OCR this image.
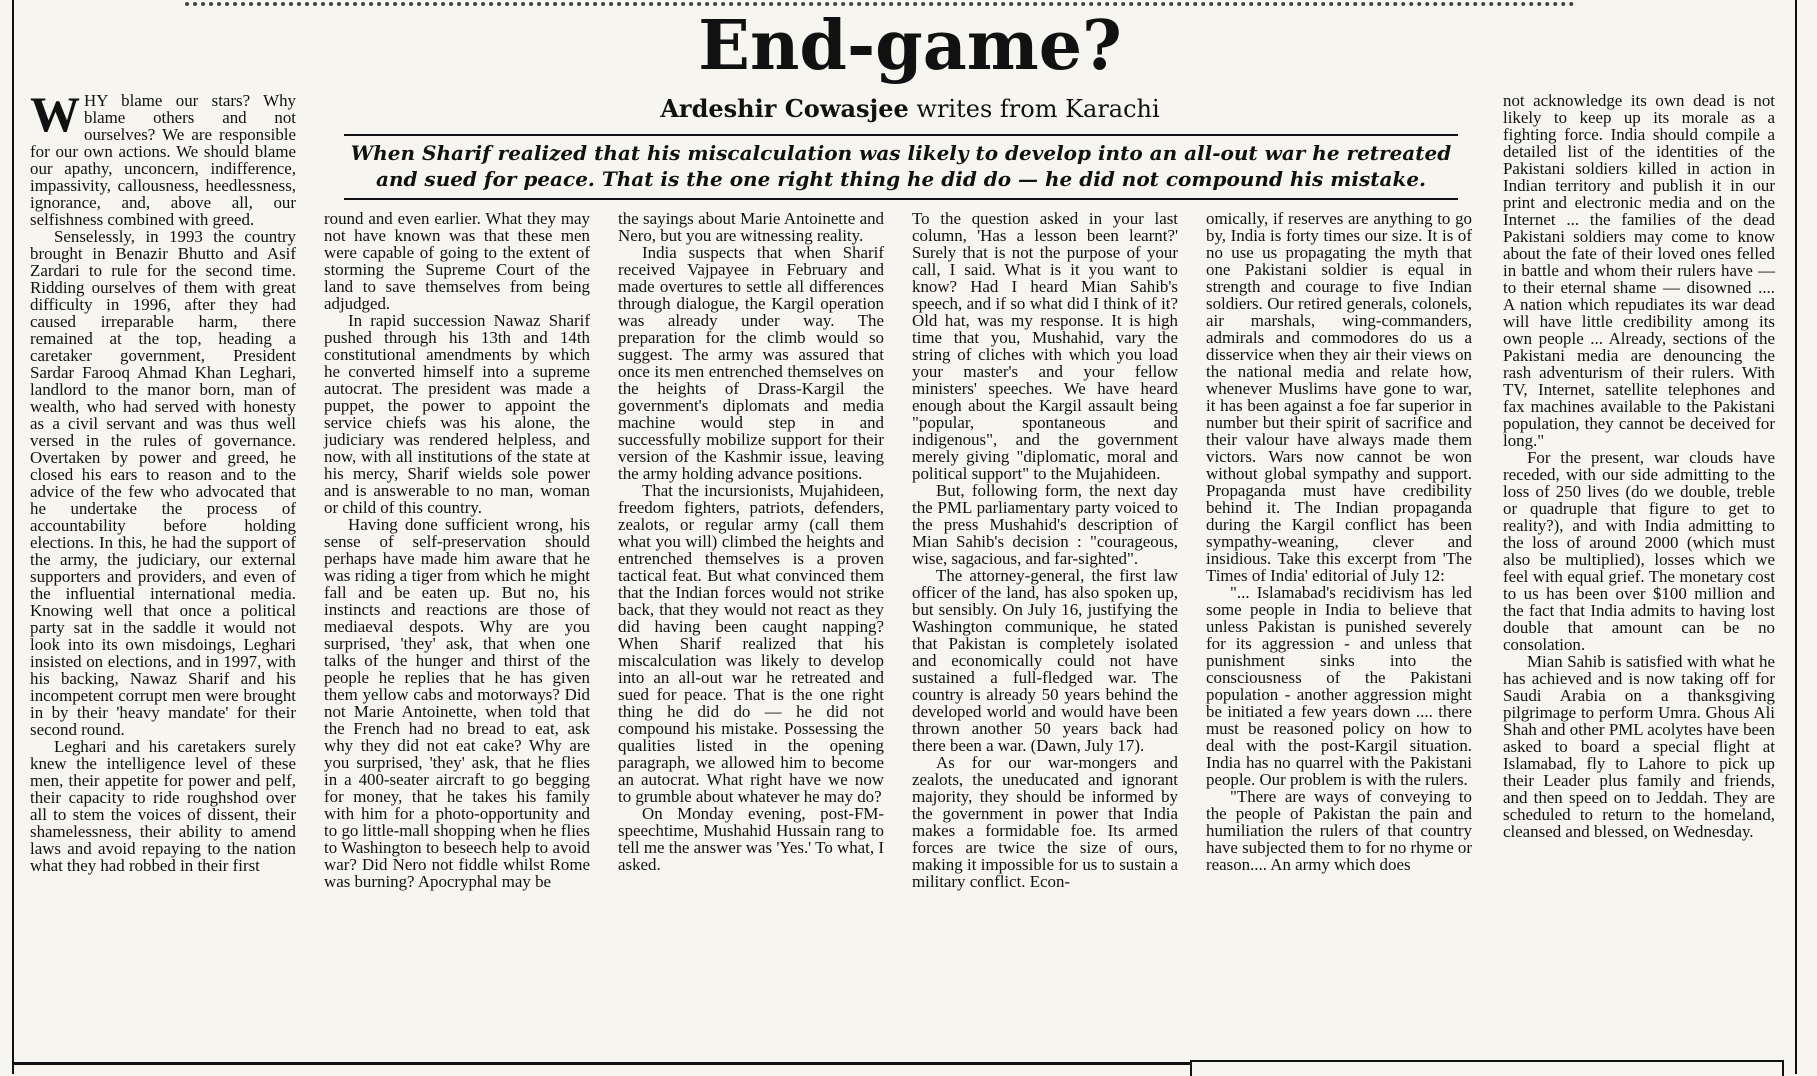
End-game?
Ardeshir Cowasjee writes from Karachi
When Sharif realized that his miscalculation was likely to develop into an all-out war he retreated and sued for peace. That is the one right thing he did do — he did not compound his mistake.

WHY blame our stars? Why blame others and not ourselves? We are responsible for our own actions. We should blame our apathy, unconcern, indifference, impassivity, callousness, heedlessness, ignorance, and, above all, our selfishness combined with greed.

Senselessly, in 1993 the country brought in Benazir Bhutto and Asif Zardari to rule for the second time. Ridding ourselves of them with great difficulty in 1996, after they had caused irreparable harm, there remained at the top, heading a caretaker government, President Sardar Farooq Ahmad Khan Leghari, landlord to the manor born, man of wealth, who had served with honesty as a civil servant and was thus well versed in the rules of governance. Overtaken by power and greed, he closed his ears to reason and to the advice of the few who advocated that he undertake the process of accountability before holding elections. In this, he had the support of the army, the judiciary, our external supporters and providers, and even of the influential international media. Knowing well that once a political party sat in the saddle it would not look into its own misdoings, Leghari insisted on elections, and in 1997, with his backing, Nawaz Sharif and his incompetent corrupt men were brought in by their 'heavy mandate' for their second round.

Leghari and his caretakers surely knew the intelligence level of these men, their appetite for power and pelf, their capacity to ride roughshod over all to stem the voices of dissent, their shamelessness, their ability to amend laws and avoid repaying to the nation what they had robbed in their first

round and even earlier. What they may not have known was that these men were capable of going to the extent of storming the Supreme Court of the land to save themselves from being adjudged.

In rapid succession Nawaz Sharif pushed through his 13th and 14th constitutional amendments by which he converted himself into a supreme autocrat. The president was made a puppet, the power to appoint the service chiefs was his alone, the judiciary was rendered helpless, and now, with all institutions of the state at his mercy, Sharif wields sole power and is answerable to no man, woman or child of this country.

Having done sufficient wrong, his sense of self-preservation should perhaps have made him aware that he was riding a tiger from which he might fall and be eaten up. But no, his instincts and reactions are those of mediaeval despots. Why are you surprised, 'they' ask, that when one talks of the hunger and thirst of the people he replies that he has given them yellow cabs and motorways? Did not Marie Antoinette, when told that the French had no bread to eat, ask why they did not eat cake? Why are you surprised, 'they' ask, that he flies in a 400-seater aircraft to go begging for money, that he takes his family with him for a photo-opportunity and to go little-mall shopping when he flies to Washington to beseech help to avoid war? Did Nero not fiddle whilst Rome was burning? Apocryphal may be

the sayings about Marie Antoinette and Nero, but you are witnessing reality.

India suspects that when Sharif received Vajpayee in February and made overtures to settle all differences through dialogue, the Kargil operation was already under way. The preparation for the climb would so suggest. The army was assured that once its men entrenched themselves on the heights of Drass-Kargil the government's diplomats and media machine would step in and successfully mobilize support for their version of the Kashmir issue, leaving the army holding advance positions.

That the incursionists, Mujahideen, freedom fighters, patriots, defenders, zealots, or regular army (call them what you will) climbed the heights and entrenched themselves is a proven tactical feat. But what convinced them that the Indian forces would not strike back, that they would not react as they did having been caught napping? When Sharif realized that his miscalculation was likely to develop into an all-out war he retreated and sued for peace. That is the one right thing he did do — he did not compound his mistake. Possessing the qualities listed in the opening paragraph, we allowed him to become an autocrat. What right have we now to grumble about whatever he may do?

On Monday evening, post-FM-speechtime, Mushahid Hussain rang to tell me the answer was 'Yes.' To what, I asked.

To the question asked in your last column, 'Has a lesson been learnt?' Surely that is not the purpose of your call, I said. What is it you want to know? Had I heard Mian Sahib's speech, and if so what did I think of it? Old hat, was my response. It is high time that you, Mushahid, vary the string of cliches with which you load your master's and your fellow ministers' speeches. We have heard enough about the Kargil assault being "popular, spontaneous and indigenous", and the government merely giving "diplomatic, moral and political support" to the Mujahideen.

But, following form, the next day the PML parliamentary party voiced to the press Mushahid's description of Mian Sahib's decision : "courageous, wise, sagacious, and far-sighted".

The attorney-general, the first law officer of the land, has also spoken up, but sensibly. On July 16, justifying the Washington communique, he stated that Pakistan is completely isolated and economically could not have sustained a full-fledged war. The country is already 50 years behind the developed world and would have been thrown another 50 years back had there been a war. (Dawn, July 17).

As for our war-mongers and zealots, the uneducated and ignorant majority, they should be informed by the government in power that India makes a formidable foe. Its armed forces are twice the size of ours, making it impossible for us to sustain a military conflict. Econ-

omically, if reserves are anything to go by, India is forty times our size. It is of no use us propagating the myth that one Pakistani soldier is equal in strength and courage to five Indian soldiers. Our retired generals, colonels, air marshals, wing-commanders, admirals and commodores do us a disservice when they air their views on the national media and relate how, whenever Muslims have gone to war, it has been against a foe far superior in number but their spirit of sacrifice and their valour have always made them victors. Wars now cannot be won without global sympathy and support. Propaganda must have credibility behind it. The Indian propaganda during the Kargil conflict has been sympathy-weaning, clever and insidious. Take this excerpt from 'The Times of India' editorial of July 12:

"... Islamabad's recidivism has led some people in India to believe that unless Pakistan is punished severely for its aggression - and unless that punishment sinks into the consciousness of the Pakistani population - another aggression might be initiated a few years down .... there must be reasoned policy on how to deal with the post-Kargil situation. India has no quarrel with the Pakistani people. Our problem is with the rulers.

"There are ways of conveying to the people of Pakistan the pain and humiliation the rulers of that country have subjected them to for no rhyme or reason.... An army which does

not acknowledge its own dead is not likely to keep up its morale as a fighting force. India should compile a detailed list of the identities of the Pakistani soldiers killed in action in Indian territory and publish it in our print and electronic media and on the Internet ... the families of the dead Pakistani soldiers may come to know about the fate of their loved ones felled in battle and whom their rulers have — to their eternal shame — disowned .... A nation which repudiates its war dead will have little credibility among its own people ... Already, sections of the Pakistani media are denouncing the rash adventurism of their rulers. With TV, Internet, satellite telephones and fax machines available to the Pakistani population, they cannot be deceived for long."

For the present, war clouds have receded, with our side admitting to the loss of 250 lives (do we double, treble or quadruple that figure to get to reality?), and with India admitting to the loss of around 2000 (which must also be multiplied), losses which we feel with equal grief. The monetary cost to us has been over $100 million and the fact that India admits to having lost double that amount can be no consolation.

Mian Sahib is satisfied with what he has achieved and is now taking off for Saudi Arabia on a thanksgiving pilgrimage to perform Umra. Ghous Ali Shah and other PML acolytes have been asked to board a special flight at Islamabad, fly to Lahore to pick up their Leader plus family and friends, and then speed on to Jeddah. They are scheduled to return to the homeland, cleansed and blessed, on Wednesday.
